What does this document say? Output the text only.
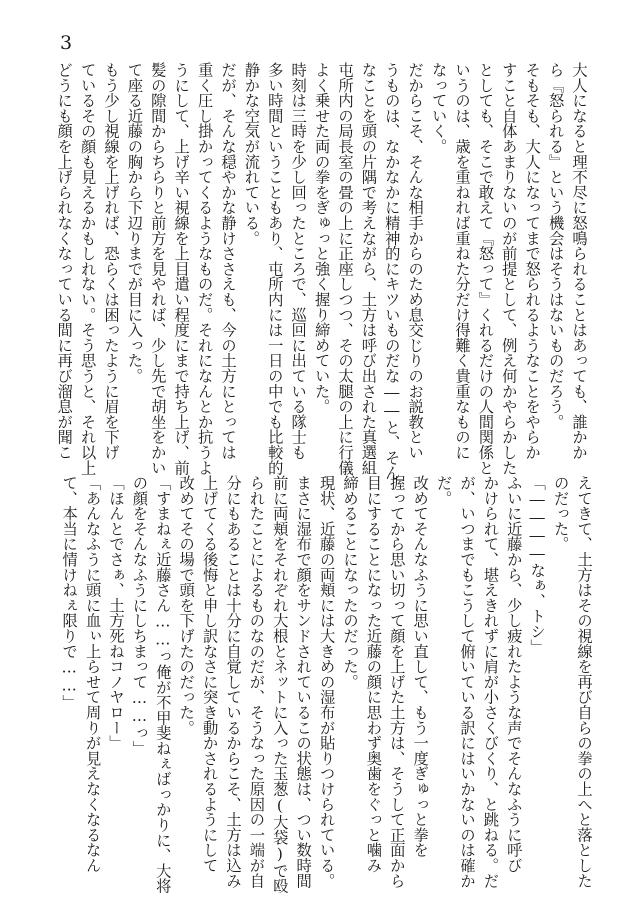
3
大人になると理不尽に怒鳴られることはあっても、誰かか
ら『怒られる』という機会はそうはないものだろう。
そもそも、大人になってまで怒られるようなことをやらか
すこと自体あまりないのが前提として、例え何かやらかした
としても、そこで敢えて『怒って』くれるだけの人間関係と
いうのは、歳を重ねれば重ねた分だけ得難く貴重なものに
なっていく。
だからこそ、そんな相手からのため息交じりのお説教とい
うものは、なかなかに精神的にキツいものだな――と、そん
なことを頭の片隅で考えながら、土方は呼び出された真選組
屯所内の局長室の畳の上に正座しつつ、その太腿の上に行儀
よく乗せた両の拳をぎゅっと強く握り締めていた。
時刻は三時を少し回ったところで、巡回に出ている隊士も
多い時間ということもあり、屯所内には一日の中でも比較的
静かな空気が流れている。
だが、そんな穏やかな静けささえも、今の土方にとっては
重く圧し掛かってくるようなものだ。それになんとか抗うよ
うにして、上げ辛い視線を上目遣い程度にまで持ち上げ、前
髪の隙間からちらりと前方を見やれば、少し先で胡坐をかい
て座る近藤の胸から下辺りまでが目に入った。
もう少し視線を上げれば、恐らくは困ったように眉を下げ
ているその顔も見えるかもしれない。そう思うと、それ以上
どうにも顔を上げられなくなっている間に再び溜息が聞こ
えてきて、土方はその視線を再び自らの拳の上へと落とした
のだった。
「――――なぁ、トシ」
ふいに近藤から、少し疲れたような声でそんなふうに呼び
かけられて、堪えきれずに肩が小さくびくり、と跳ねる。だ
が、いつまでもこうして俯いている訳にはいかないのは確か
だ。
改めてそんなふうに思い直して、もう一度ぎゅっと拳を
握ってから思い切って顔を上げた土方は、そうして正面から
目にすることになった近藤の顔に思わず奥歯をぐっと噛み
締めることになったのだった。
現状、近藤の両頬には大きめの湿布が貼りつけられている。
まさに湿布で顔をサンドされているこの状態は、つい数時間
前に両頬をそれぞれ大根とネットに入った玉葱(大袋)で殴
られたことによるものなのだが、そうなった原因の一端が自
分にもあることは十分に自覚しているからこそ、土方は込み
上げてくる後悔と申し訳なさに突き動かされるようにして
改めてその場で頭を下げたのだった。
「すまねぇ近藤さん……っ俺が不甲斐ねぇばっかりに、大将
の顔をそんなふうにしちまって……っ」
「ほんとでさぁ、土方死ねコノヤロー」
「あんなふうに頭に血ぃ上らせて周りが見えなくなるなん
て、本当に情けねぇ限りで……」
